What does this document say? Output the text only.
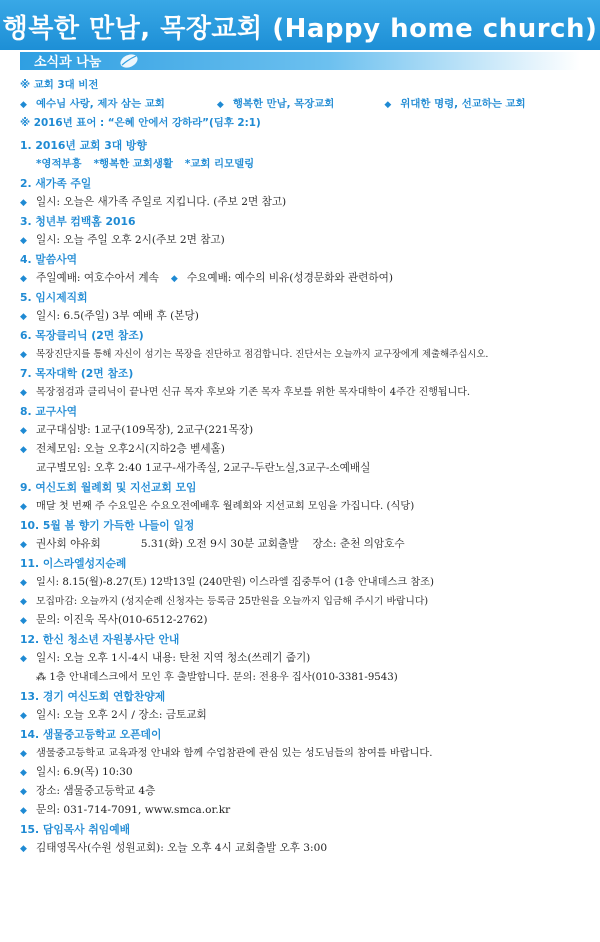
행복한 만남, 목장교회 (Happy home church)
소식과 나눔
※ 교회 3대 비전
◆ 예수님 사랑, 제자 삼는 교회	◆ 행복한 만남, 목장교회	◆ 위대한 명령, 선교하는 교회
※ 2016년 표어 : “은혜 안에서 강하라”(딤후 2:1)
1. 2016년 교회 3대 방향
*영적부흥 *행복한 교회생활 *교회 리모델링
2. 새가족 주일
◆ 일시: 오늘은 새가족 주일로 지킵니다. (주보 2면 참고)
3. 청년부 컴백홈 2016
◆ 일시: 오늘 주일 오후 2시(주보 2면 참고)
4. 말씀사역
◆ 주일예배: 여호수아서 계속 ◆ 수요예배: 예수의 비유(성경문화와 관련하여)
5. 임시제직회
◆ 일시: 6.5(주일) 3부 예배 후 (본당)
6. 목장클리닉 (2면 참조)
◆ 목장진단지를 통해 자신이 섬기는 목장을 진단하고 점검합니다. 진단서는 오늘까지 교구장에게 제출해주십시오.
7. 목자대학 (2면 참조)
◆ 목장점검과 클리닉이 끝나면 신규 목자 후보와 기존 목자 후보를 위한 목자대학이 4주간 진행됩니다.
8. 교구사역
◆ 교구대심방: 1교구(109목장), 2교구(221목장)
◆ 전체모임: 오늘 오후2시(지하2층 벧세홀)
교구별모임: 오후 2:40 1교구-새가족실, 2교구-두란노실,3교구-소예배실
9. 여신도회 월례회 및 지선교회 모임
◆ 매달 첫 번째 주 수요일은 수요오전예배후 월례회와 지선교회 모임을 가집니다. (식당)
10. 5월 봄 향기 가득한 나들이 일정
◆ 권사회 야유회	5.31(화) 오전 9시 30분 교회출발 장소: 춘천 의암호수
11. 이스라엘성지순례
◆ 일시: 8.15(월)-8.27(토) 12박13일 (240만원) 이스라엘 집중투어 (1층 안내데스크 참조)
◆ 모집마감: 오늘까지 (성지순례 신청자는 등록금 25만원을 오늘까지 입금해 주시기 바랍니다)
◆ 문의: 이진욱 목사(010-6512-2762)
12. 한신 청소년 자원봉사단 안내
◆ 일시: 오늘 오후 1시-4시 내용: 탄천 지역 청소(쓰레기 줍기)
⁂ 1층 안내데스크에서 모인 후 출발합니다. 문의: 전용우 집사(010-3381-9543)
13. 경기 여신도회 연합찬양제
◆ 일시: 오늘 오후 2시 / 장소: 금토교회
14. 샘물중고등학교 오픈데이
◆ 샘물중고등학교 교육과정 안내와 함께 수업참관에 관심 있는 성도님들의 참여를 바랍니다.
◆ 일시: 6.9(목) 10:30
◆ 장소: 샘물중고등학교 4층
◆ 문의: 031-714-7091, www.smca.or.kr
15. 담임목사 취임예배
◆ 김태영목사(수원 성원교회): 오늘 오후 4시 교회출발 오후 3:00
